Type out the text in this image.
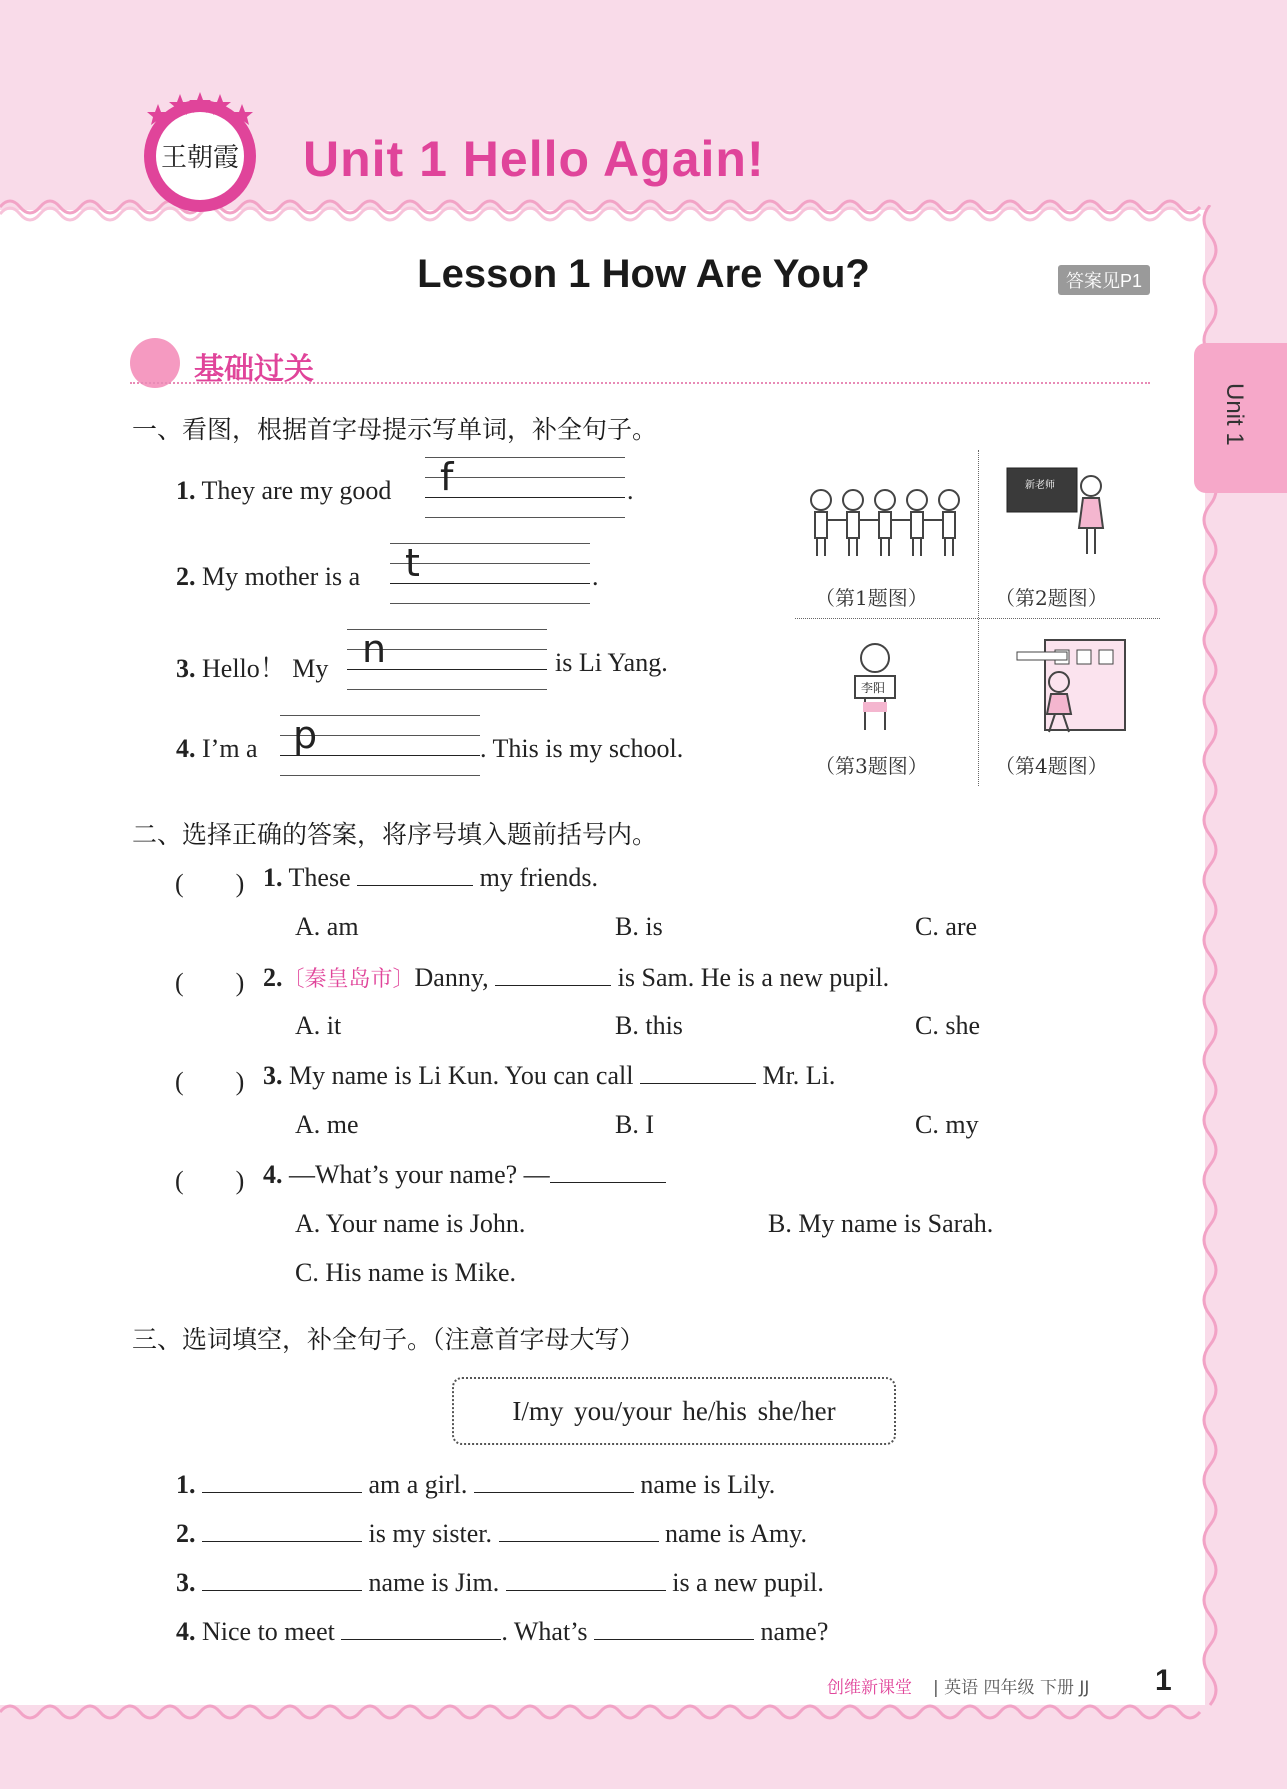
王朝霞 Unit 1 Hello Again!
Lesson 1 How Are You?	答案见P1
Unit 1
基础过关
一、看图，根据首字母提示写单词，补全句子。
1. They are my good f	.
2. My mother is a t	.
3. Hello！ My n	is Li Yang.
4. I’m a p	. This is my school.
（第1题图）
新老师
（第2题图）
李阳
（第3题图）	（第4题图）
二、选择正确的答案，将序号填入题前括号内。
(　　) 1. These	my friends.
A. am	B. is	C. are
(　　) 2.〔秦皇岛市〕Danny,	is Sam. He is a new pupil.
A. it	B. this	C. she
(　　) 3. My name is Li Kun. You can call	Mr. Li.
A. me	B. I	C. my
(　　) 4. —What’s your name? —
A. Your name is John.	B. My name is Sarah.
C. His name is Mike.
三、选词填空，补全句子。（注意首字母大写）
I/my you/your he/his she/her
1.	am a girl.	name is Lily.
2.	is my sister.	name is Amy.
3.	name is Jim.	is a new pupil.
4. Nice to meet	. What’s	name?
创维新课堂 | 英语 四年级 下册 JJ 1
